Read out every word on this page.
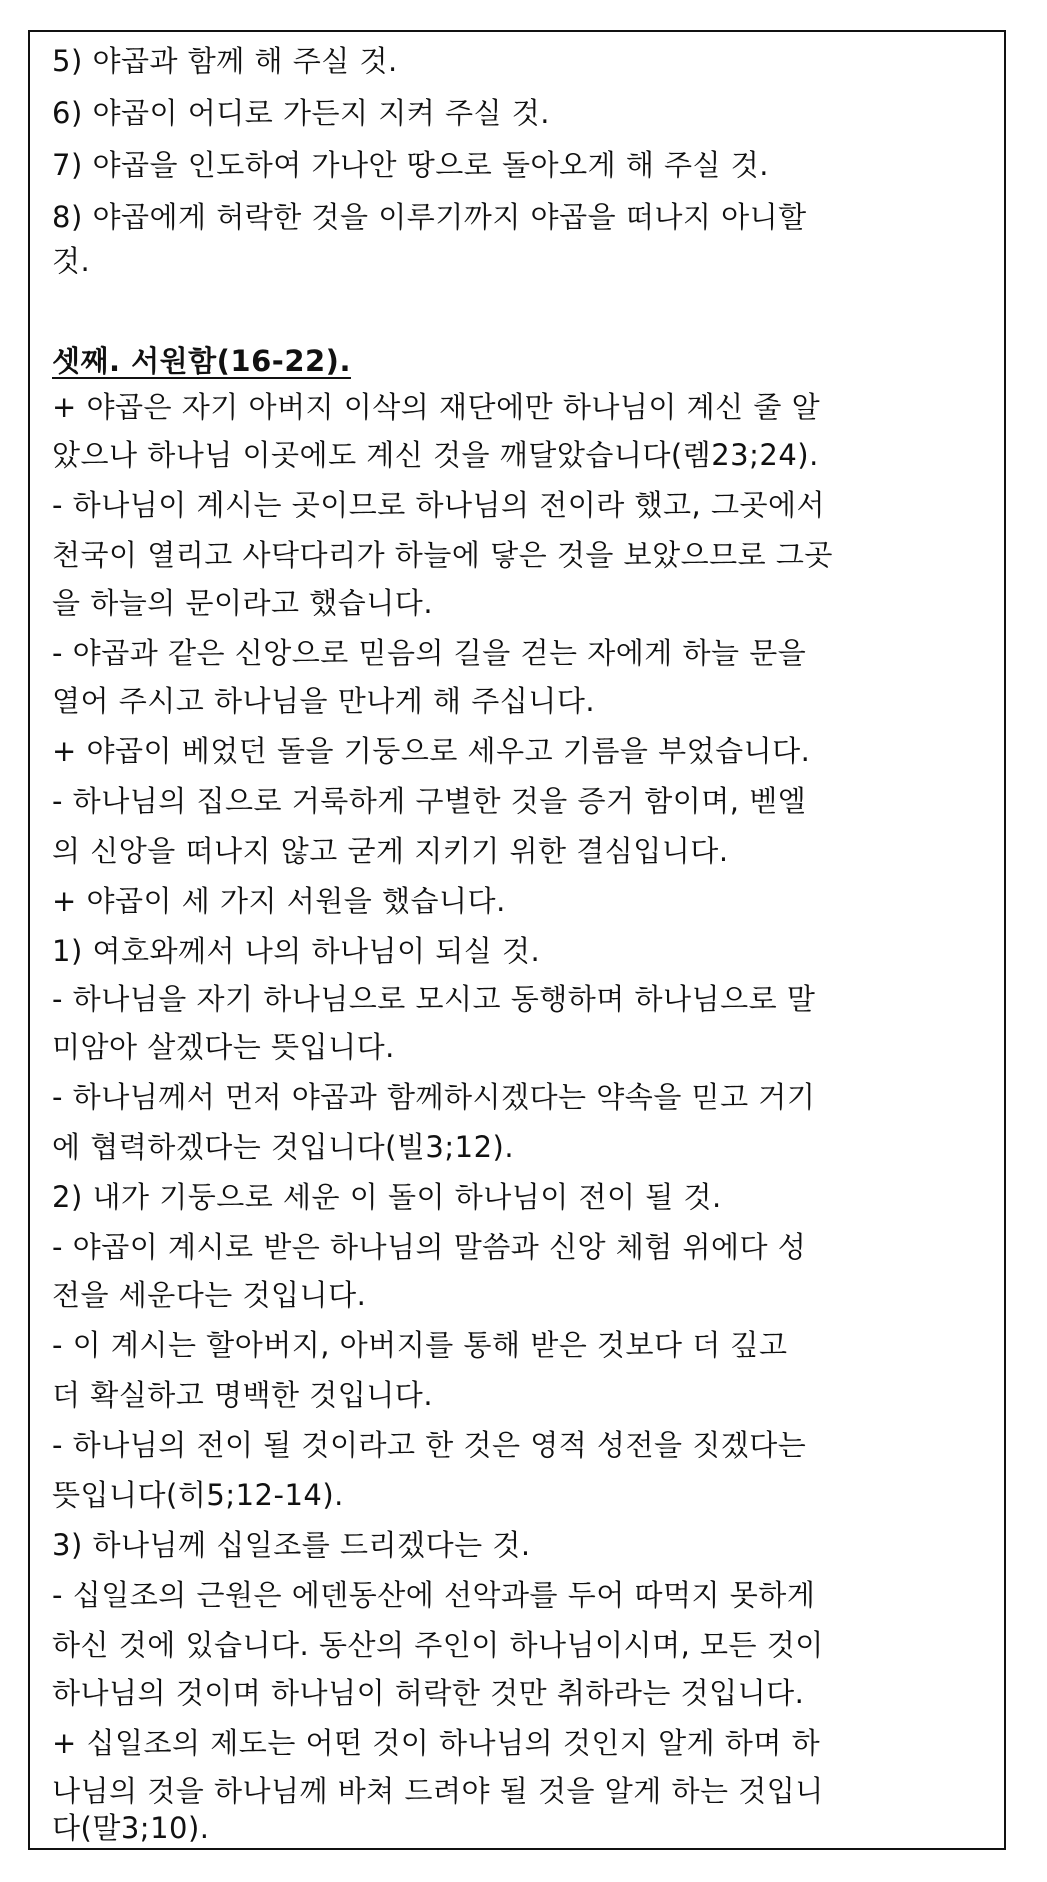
5) 야곱과 함께 해 주실 것.
6) 야곱이 어디로 가든지 지켜 주실 것.
7) 야곱을 인도하여 가나안 땅으로 돌아오게 해 주실 것.
8) 야곱에게 허락한 것을 이루기까지 야곱을 떠나지 아니할
것.
셋째. 서원함(16-22).
+ 야곱은 자기 아버지 이삭의 재단에만 하나님이 계신 줄 알
았으나 하나님 이곳에도 계신 것을 깨달았습니다(렘23;24).
- 하나님이 계시는 곳이므로 하나님의 전이라 했고, 그곳에서
천국이 열리고 사닥다리가 하늘에 닿은 것을 보았으므로 그곳
을 하늘의 문이라고 했습니다.
- 야곱과 같은 신앙으로 믿음의 길을 걷는 자에게 하늘 문을
열어 주시고 하나님을 만나게 해 주십니다.
+ 야곱이 베었던 돌을 기둥으로 세우고 기름을 부었습니다.
- 하나님의 집으로 거룩하게 구별한 것을 증거 함이며, 벧엘
의 신앙을 떠나지 않고 굳게 지키기 위한 결심입니다.
+ 야곱이 세 가지 서원을 했습니다.
1) 여호와께서 나의 하나님이 되실 것.
- 하나님을 자기 하나님으로 모시고 동행하며 하나님으로 말
미암아 살겠다는 뜻입니다.
- 하나님께서 먼저 야곱과 함께하시겠다는 약속을 믿고 거기
에 협력하겠다는 것입니다(빌3;12).
2) 내가 기둥으로 세운 이 돌이 하나님이 전이 될 것.
- 야곱이 계시로 받은 하나님의 말씀과 신앙 체험 위에다 성
전을 세운다는 것입니다.
- 이 계시는 할아버지, 아버지를 통해 받은 것보다 더 깊고
더 확실하고 명백한 것입니다.
- 하나님의 전이 될 것이라고 한 것은 영적 성전을 짓겠다는
뜻입니다(히5;12-14).
3) 하나님께 십일조를 드리겠다는 것.
- 십일조의 근원은 에덴동산에 선악과를 두어 따먹지 못하게
하신 것에 있습니다. 동산의 주인이 하나님이시며, 모든 것이
하나님의 것이며 하나님이 허락한 것만 취하라는 것입니다.
+ 십일조의 제도는 어떤 것이 하나님의 것인지 알게 하며 하
나님의 것을 하나님께 바쳐 드려야 될 것을 알게 하는 것입니
다(말3;10).
